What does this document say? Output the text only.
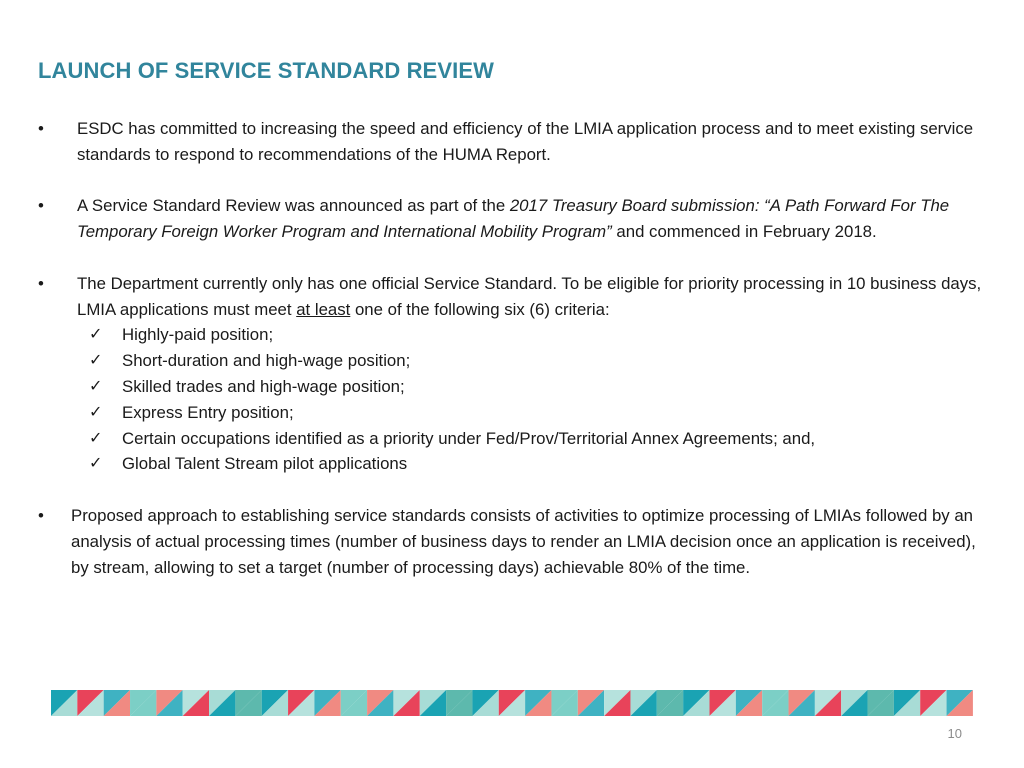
LAUNCH OF SERVICE STANDARD REVIEW
•	ESDC has committed to increasing the speed and efficiency of the LMIA application process and to meet existing service standards to respond to recommendations of the HUMA Report.
•	A Service Standard Review was announced as part of the 2017 Treasury Board submission: “A Path Forward For The Temporary Foreign Worker Program and International Mobility Program” and commenced in February 2018.
•	The Department currently only has one official Service Standard. To be eligible for priority processing in 10 business days, LMIA applications must meet at least one of the following six (6) criteria:
✓	Highly-paid position;
✓	Short-duration and high-wage position;
✓	Skilled trades and high-wage position;
✓	Express Entry position;
✓	Certain occupations identified as a priority under Fed/Prov/Territorial Annex Agreements; and,
✓	Global Talent Stream pilot applications
•	Proposed approach to establishing service standards consists of activities to optimize processing of LMIAs followed by an analysis of actual processing times (number of business days to render an LMIA decision once an application is received), by stream, allowing to set a target (number of processing days) achievable 80% of the time.
10
